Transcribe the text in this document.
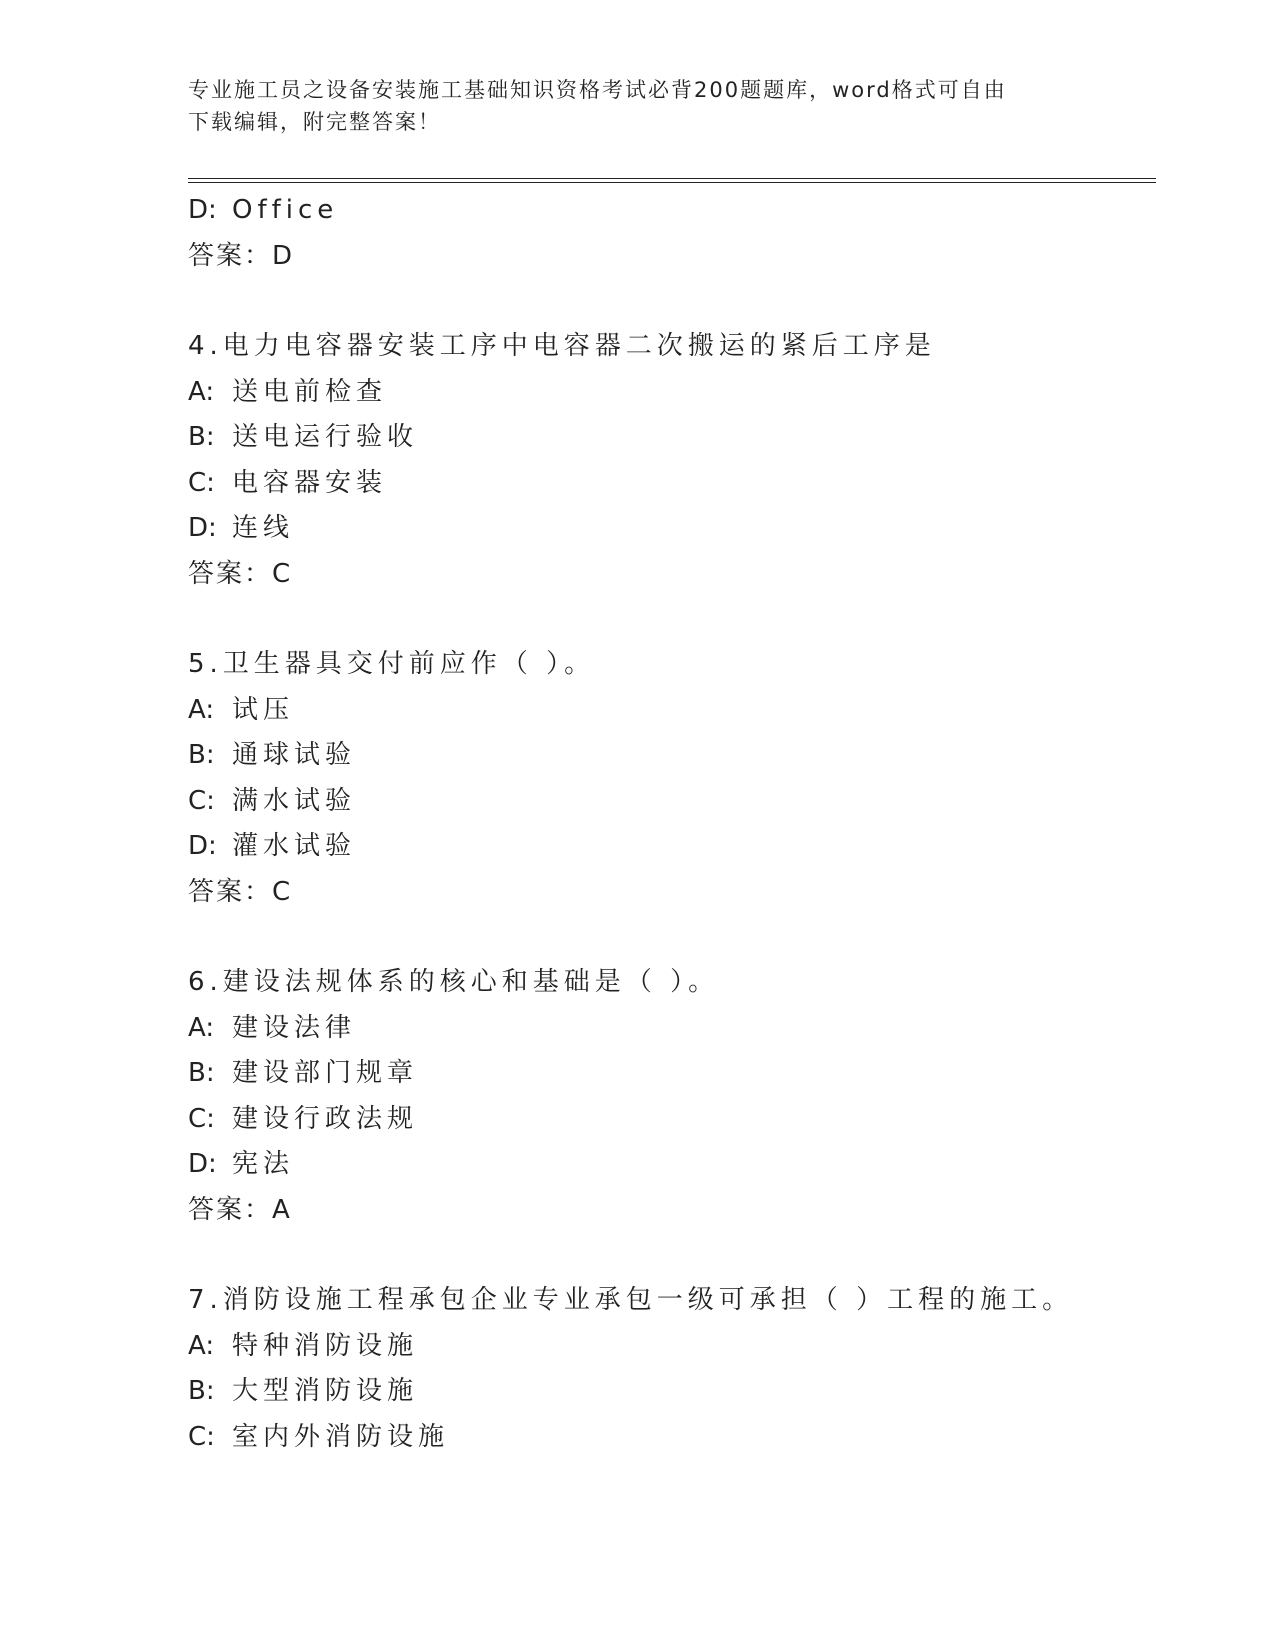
专业施工员之设备安装施工基础知识资格考试必背200题题库，word格式可自由
下载编辑，附完整答案！
D: Office
答案：D
4.电力电容器安装工序中电容器二次搬运的紧后工序是
A: 送电前检查
B: 送电运行验收
C: 电容器安装
D: 连线
答案：C
5.卫生器具交付前应作（ ）。
A: 试压
B: 通球试验
C: 满水试验
D: 灌水试验
答案：C
6.建设法规体系的核心和基础是（ ）。
A: 建设法律
B: 建设部门规章
C: 建设行政法规
D: 宪法
答案：A
7.消防设施工程承包企业专业承包一级可承担（ ）工程的施工。
A: 特种消防设施
B: 大型消防设施
C: 室内外消防设施
